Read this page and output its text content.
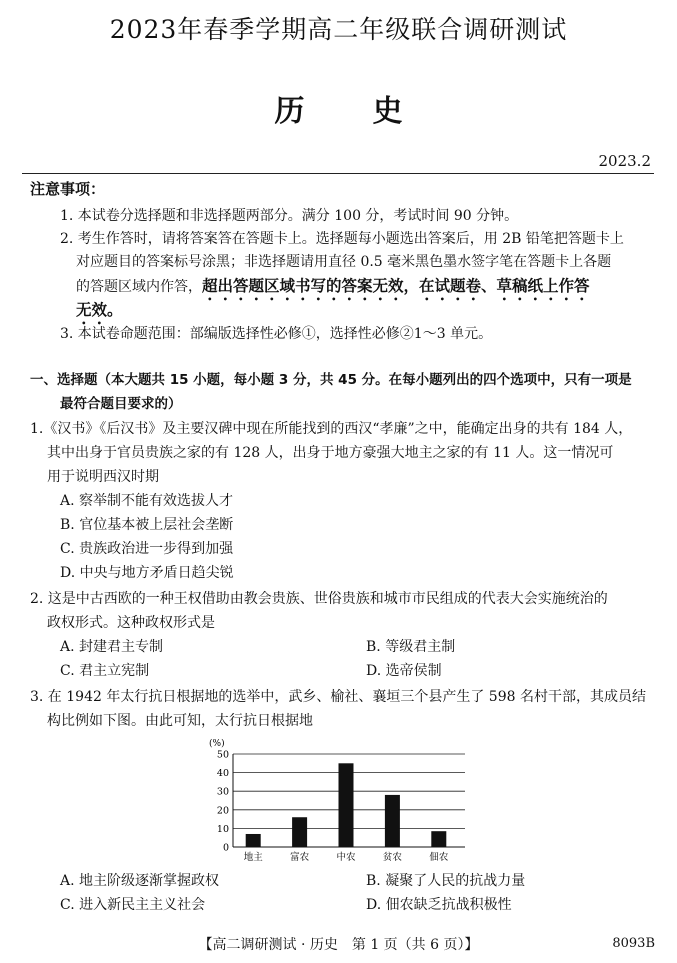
2023年春季学期高二年级联合调研测试
历史
2023.2
注意事项：
1. 本试卷分选择题和非选择题两部分。满分 100 分，考试时间 90 分钟。
2. 考生作答时，请将答案答在答题卡上。选择题每小题选出答案后，用 2B 铅笔把答题卡上
对应题目的答案标号涂黑；非选择题请用直径 0.5 毫米黑色墨水签字笔在答题卡上各题
的答题区域内作答，超出答题区域书写的答案无效，在试题卷、草稿纸上作答
无效。
3. 本试卷命题范围：部编版选择性必修①，选择性必修②1～3 单元。
一、选择题（本大题共 15 小题，每小题 3 分，共 45 分。在每小题列出的四个选项中，只有一项是
最符合题目要求的）
1.《汉书》《后汉书》及主要汉碑中现在所能找到的西汉“孝廉”之中，能确定出身的共有 184 人，
其中出身于官员贵族之家的有 128 人，出身于地方豪强大地主之家的有 11 人。这一情况可
用于说明西汉时期
A. 察举制不能有效选拔人才
B. 官位基本被上层社会垄断
C. 贵族政治进一步得到加强
D. 中央与地方矛盾日趋尖锐
2. 这是中古西欧的一种王权借助由教会贵族、世俗贵族和城市市民组成的代表大会实施统治的
政权形式。这种政权形式是
A. 封建君主专制	B. 等级君主制
C. 君主立宪制	D. 选帝侯制
3. 在 1942 年太行抗日根据地的选举中，武乡、榆社、襄垣三个县产生了 598 名村干部，其成员结
构比例如下图。由此可知，太行抗日根据地
(%)
0
10
20
30
40
50
地主	富农	中农	贫农	佃农
A. 地主阶级逐渐掌握政权	B. 凝聚了人民的抗战力量
C. 进入新民主主义社会	D. 佃农缺乏抗战积极性
【高二调研测试 · 历史　第 1 页（共 6 页）】	8093B
